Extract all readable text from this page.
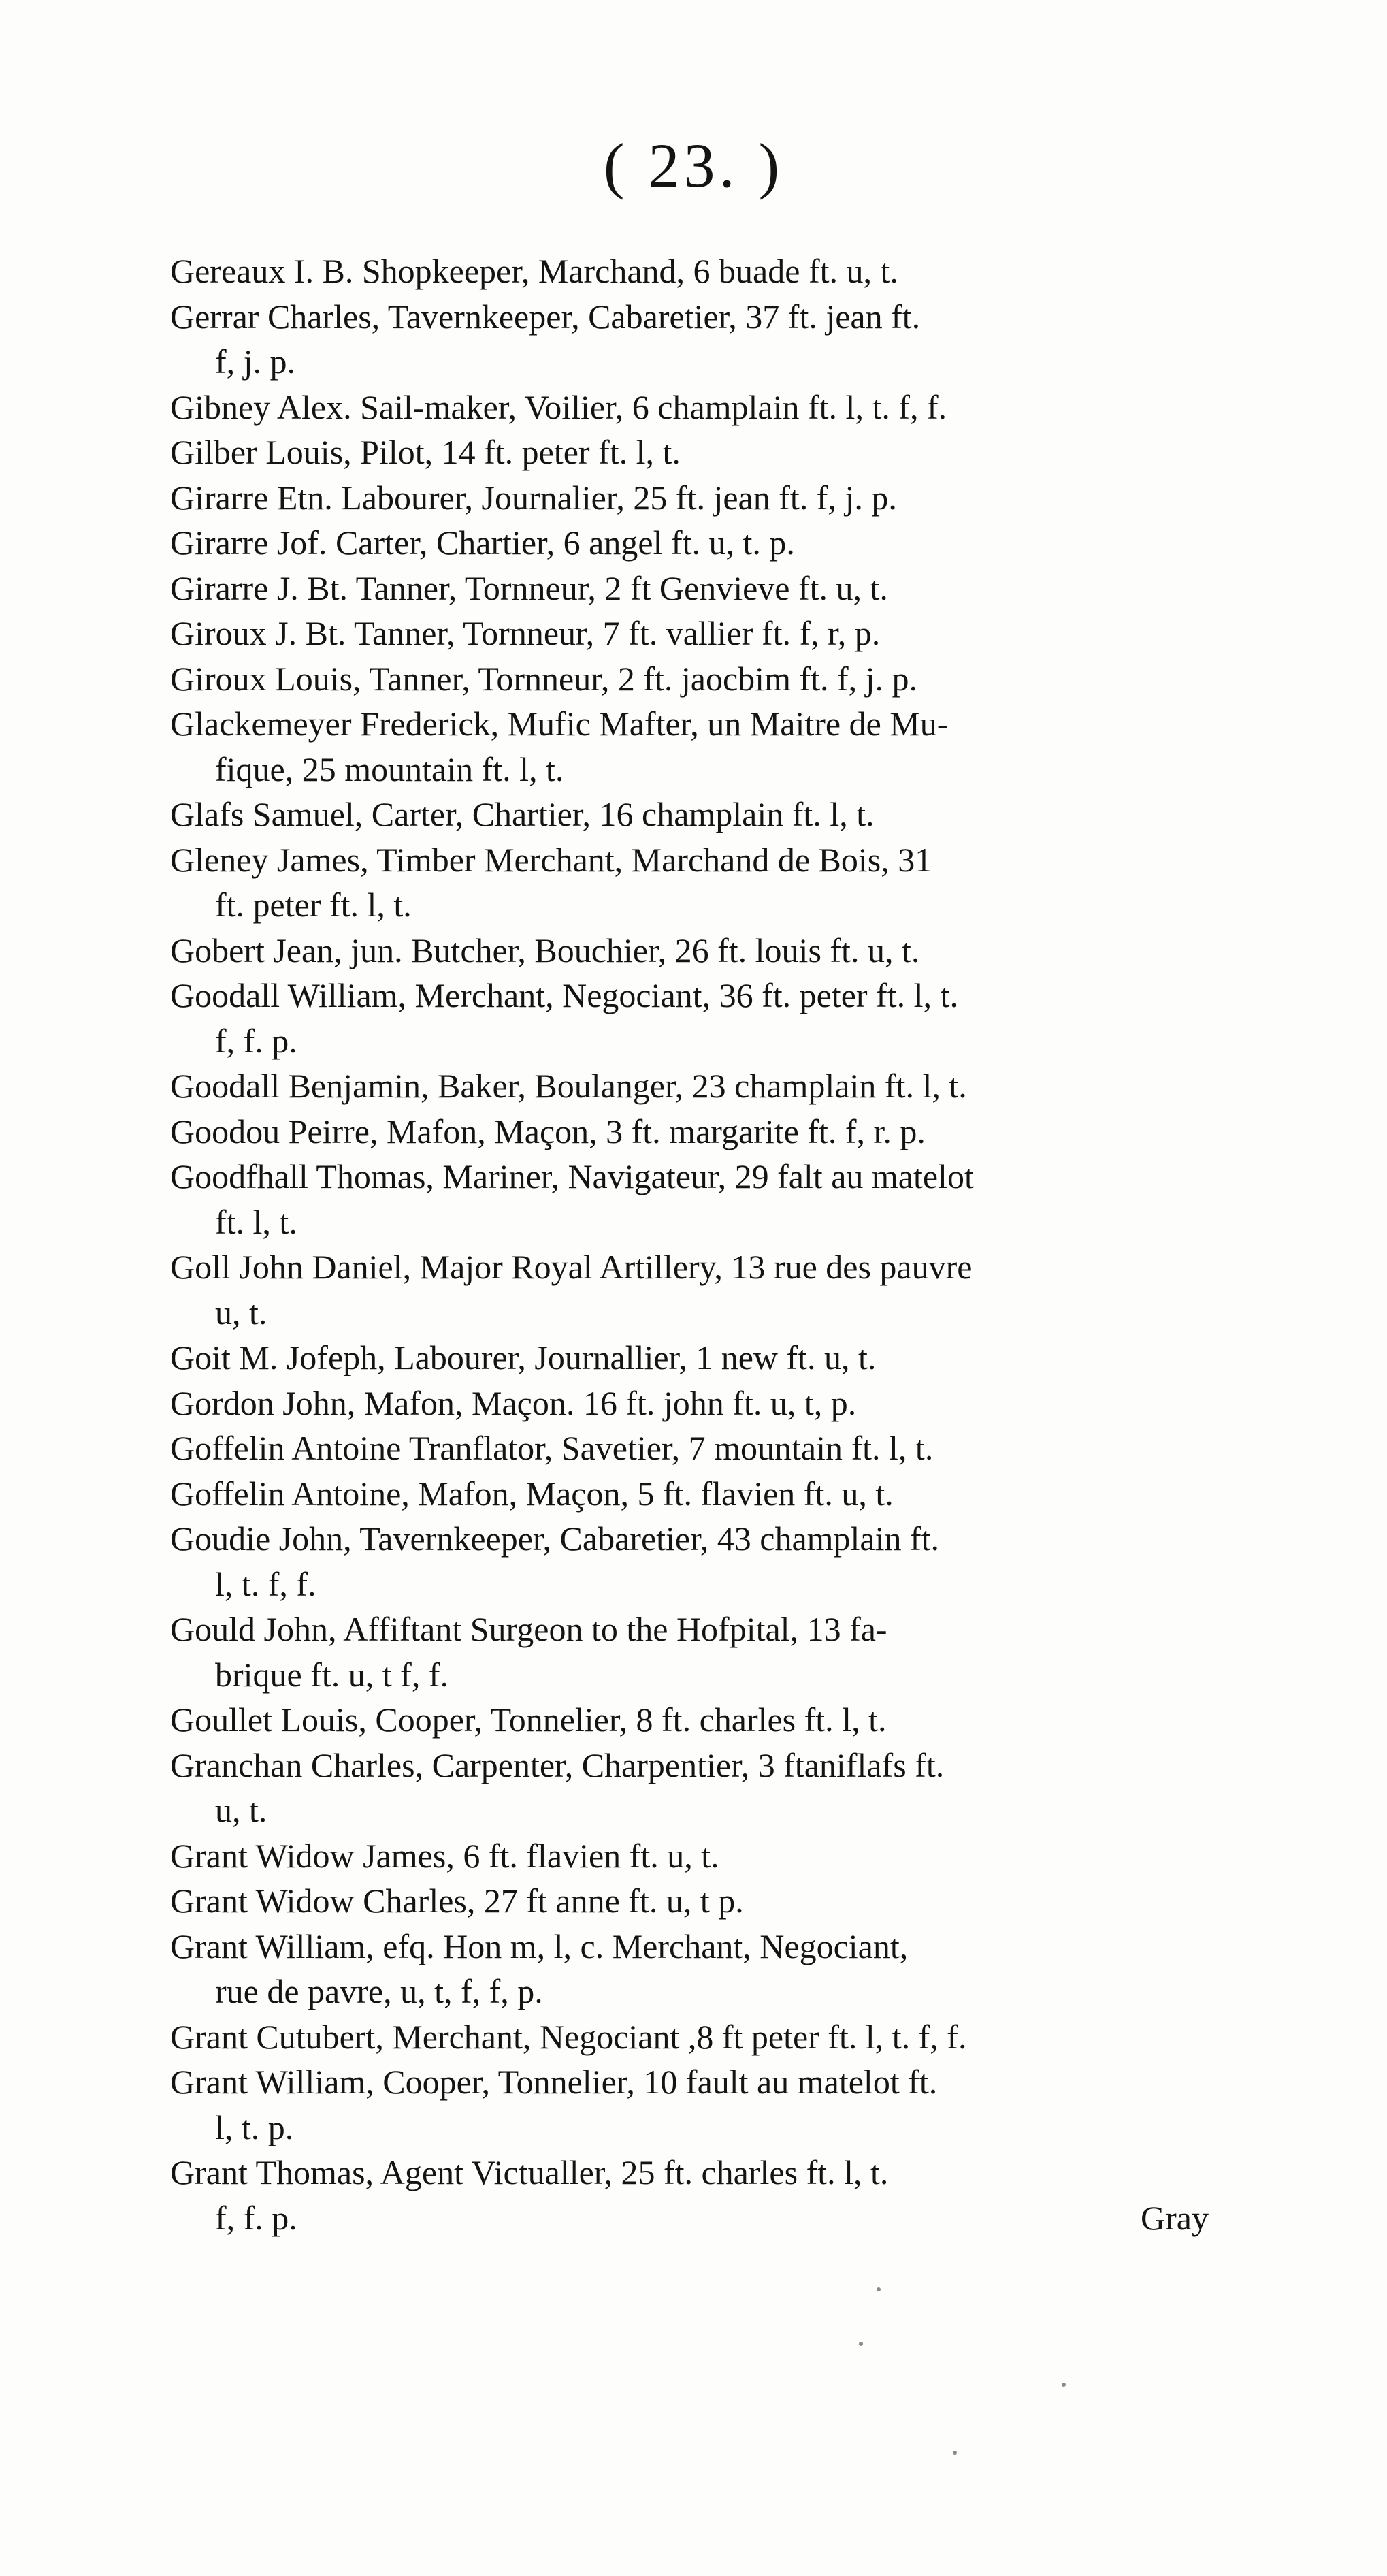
( 23. )
Gereaux I. B. Shopkeeper, Marchand, 6 buade ft. u, t.
Gerrar Charles, Tavernkeeper, Cabaretier, 37 ft. jean ft.
f, j. p.
Gibney Alex. Sail-maker, Voilier, 6 champlain ft. l, t. f, f.
Gilber Louis, Pilot, 14 ft. peter ft. l, t.
Girarre Etn. Labourer, Journalier, 25 ft. jean ft. f, j. p.
Girarre Jof. Carter, Chartier, 6 angel ft. u, t. p.
Girarre J. Bt. Tanner, Tornneur, 2 ft Genvieve ft. u, t.
Giroux J. Bt. Tanner, Tornneur, 7 ft. vallier ft. f, r, p.
Giroux Louis, Tanner, Tornneur, 2 ft. jaocbim ft. f, j. p.
Glackemeyer Frederick, Mufic Mafter, un Maitre de Mu-
fique, 25 mountain ft. l, t.
Glafs Samuel, Carter, Chartier, 16 champlain ft. l, t.
Gleney James, Timber Merchant, Marchand de Bois, 31
ft. peter ft. l, t.
Gobert Jean, jun. Butcher, Bouchier, 26 ft. louis ft. u, t.
Goodall William, Merchant, Negociant, 36 ft. peter ft. l, t.
f, f. p.
Goodall Benjamin, Baker, Boulanger, 23 champlain ft. l, t.
Goodou Peirre, Mafon, Maçon, 3 ft. margarite ft. f, r. p.
Goodfhall Thomas, Mariner, Navigateur, 29 falt au matelot
ft. l, t.
Goll John Daniel, Major Royal Artillery, 13 rue des pauvre
u, t.
Goit M. Jofeph, Labourer, Journallier, 1 new ft. u, t.
Gordon John, Mafon, Maçon. 16 ft. john ft. u, t, p.
Goffelin Antoine Tranflator, Savetier, 7 mountain ft. l, t.
Goffelin Antoine, Mafon, Maçon, 5 ft. flavien ft. u, t.
Goudie John, Tavernkeeper, Cabaretier, 43 champlain ft.
l, t. f, f.
Gould John, Affiftant Surgeon to the Hofpital, 13 fa-
brique ft. u, t f, f.
Goullet Louis, Cooper, Tonnelier, 8 ft. charles ft. l, t.
Granchan Charles, Carpenter, Charpentier, 3 ftaniflafs ft.
u, t.
Grant Widow James, 6 ft. flavien ft. u, t.
Grant Widow Charles, 27 ft anne ft. u, t p.
Grant William, efq. Hon m, l, c. Merchant, Negociant,
rue de pavre, u, t, f, f, p.
Grant Cutubert, Merchant, Negociant ,8 ft peter ft. l, t. f, f.
Grant William, Cooper, Tonnelier, 10 fault au matelot ft.
l, t. p.
Grant Thomas, Agent Victualler, 25 ft. charles ft. l, t.
f, f. p.	Gray
